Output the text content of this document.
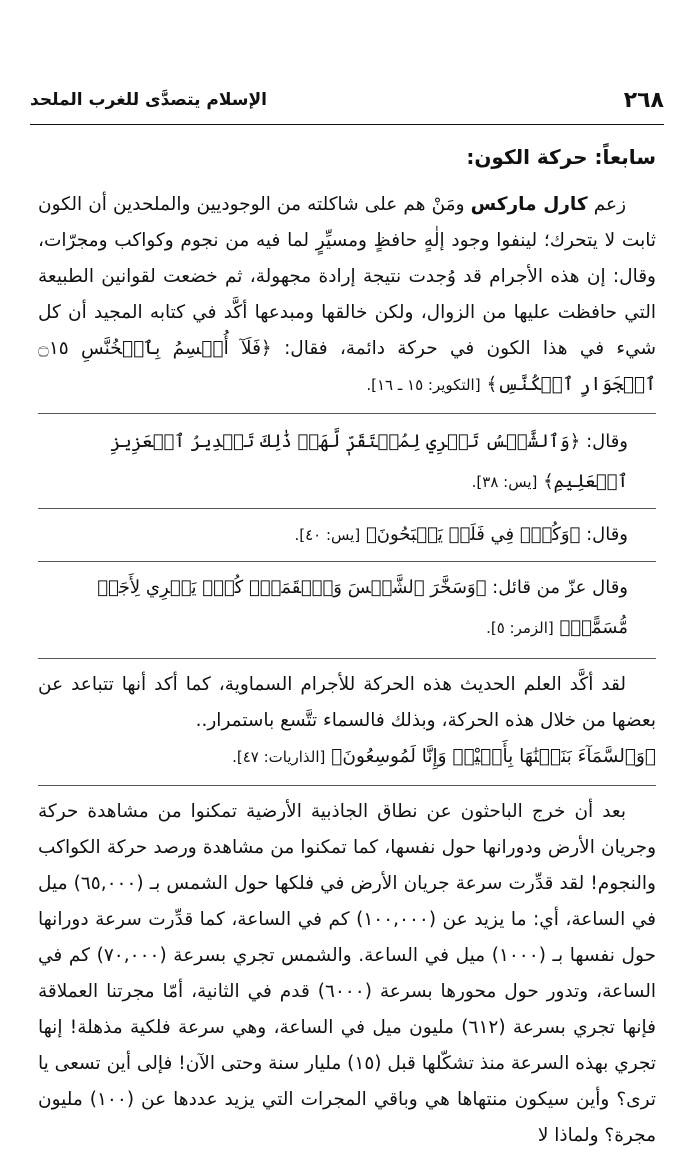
٢٦٨
الإسلام يتصدَّى للغرب الملحد
سابعاً: حركة الكون:

زعم كارل ماركس ومَنْ هم على شاكلته من الوجوديين والملحدين أن الكون ثابت لا يتحرك؛ لينفوا وجود إلٰهٍ حافظٍ ومسيِّرٍ لما فيه من نجوم وكواكب ومجرّات، وقال: إن هذه الأجرام قد وُجدت نتيجة إرادة مجهولة، ثم خضعت لقوانين الطبيعة التي حافظت عليها من الزوال، ولكن خالقها ومبدعها أكَّد في كتابه المجيد أن كل شيء في هذا الكون في حركة دائمة، فقال: ﴿فَلَآ أُقۡسِمُ بِٱلۡخُنَّسِ ۝١٥ ٱلۡجَوَارِ ٱلۡكُنَّسِ﴾ [التكوير: ١٥ ـ ١٦].

وقال: ﴿وَٱلشَّمۡسُ تَجۡرِي لِمُسۡتَقَرّٖ لَّهَاۚ ذَٰلِكَ تَقۡدِيرُ ٱلۡعَزِيزِ ٱلۡعَلِيمِ﴾ [يس: ٣٨].

وقال: ﴿وَكُلّٞ فِي فَلَكٖ يَسۡبَحُونَ﴾ [يس: ٤٠].

وقال عزّ من قائل: ﴿وَسَخَّرَ ٱلشَّمۡسَ وَٱلۡقَمَرَۖ كُلّٞ يَجۡرِي لِأَجَلٖ مُّسَمًّىۚ﴾ [الزمر: ٥].

لقد أكَّد العلم الحديث هذه الحركة للأجرام السماوية، كما أكد أنها تتباعد عن بعضها من خلال هذه الحركة، وبذلك فالسماء تتَّسع باستمرار..

﴿وَٱلسَّمَآءَ بَنَيۡنَٰهَا بِأَيۡيْدٖ وَإِنَّا لَمُوسِعُونَ﴾ [الذاريات: ٤٧].

بعد أن خرج الباحثون عن نطاق الجاذبية الأرضية تمكنوا من مشاهدة حركة وجريان الأرض ودورانها حول نفسها، كما تمكنوا من مشاهدة ورصد حركة الكواكب والنجوم! لقد قدِّرت سرعة جريان الأرض في فلكها حول الشمس بـ (٦٥,٠٠٠) ميل في الساعة، أي: ما يزيد عن (١٠٠,٠٠٠) كم في الساعة، كما قدِّرت سرعة دورانها حول نفسها بـ (١٠٠٠) ميل في الساعة. والشمس تجري بسرعة (٧٠,٠٠٠) كم في الساعة، وتدور حول محورها بسرعة (٦٠٠٠) قدم في الثانية، أمّا مجرتنا العملاقة فإنها تجري بسرعة (٦١٢) مليون ميل في الساعة، وهي سرعة فلكية مذهلة! إنها تجري بهذه السرعة منذ تشكّلها قبل (١٥) مليار سنة وحتى الآن! فإلى أين تسعى يا ترى؟ وأين سيكون منتهاها هي وباقي المجرات التي يزيد عددها عن (١٠٠) مليون مجرة؟ ولماذا لا
